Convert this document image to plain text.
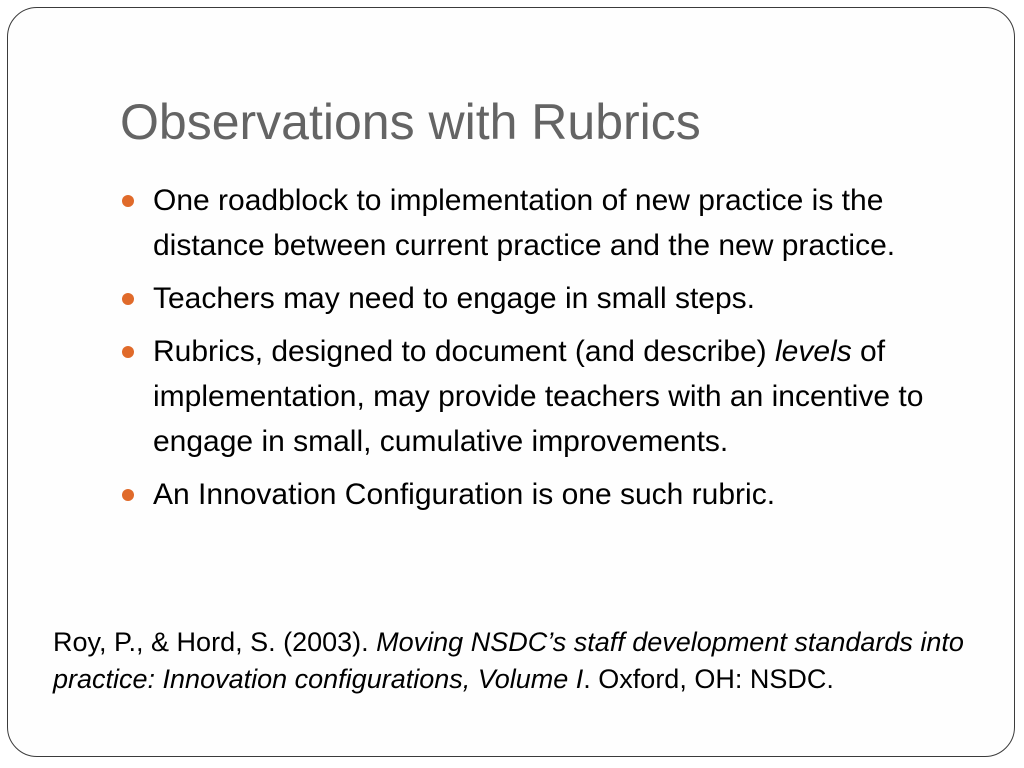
Observations with Rubrics
One roadblock to implementation of new practice is the distance between current practice and the new practice.
Teachers may need to engage in small steps.
Rubrics, designed to document (and describe) levels of implementation, may provide teachers with an incentive to engage in small, cumulative improvements.
An Innovation Configuration is one such rubric.

Roy, P., & Hord, S. (2003). Moving NSDC’s staff development standards into practice: Innovation configurations, Volume I. Oxford, OH: NSDC.
